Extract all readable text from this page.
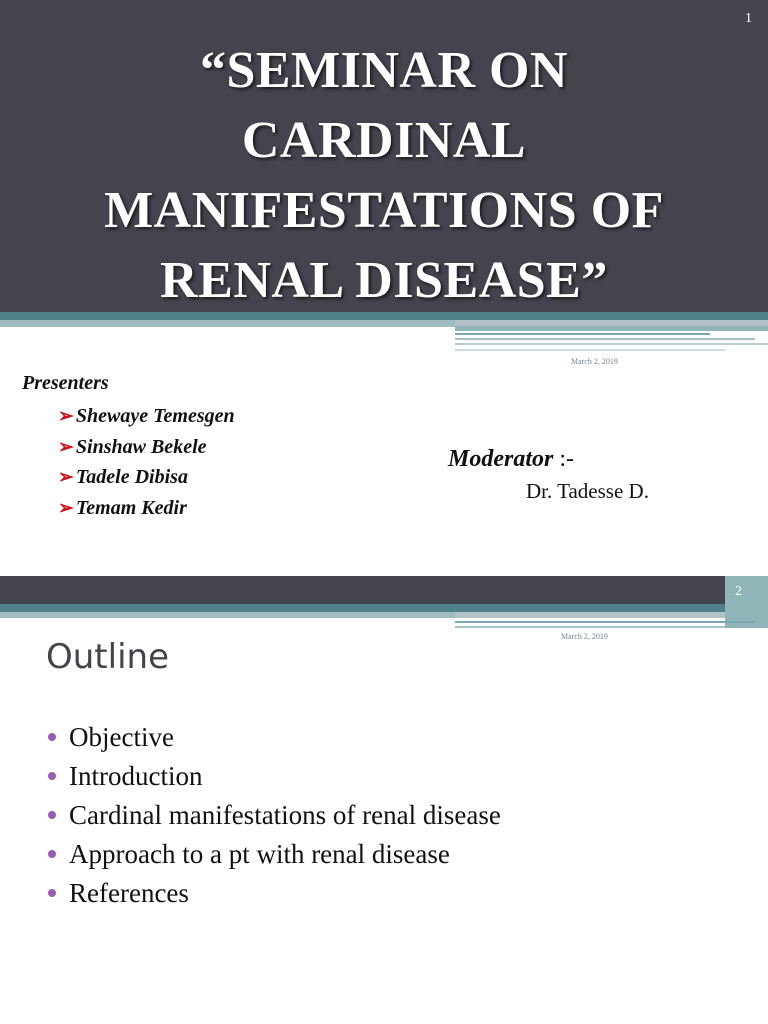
1
“SEMINAR ON
CARDINAL
MANIFESTATIONS OF
RENAL DISEASE”
March 2, 2019
Presenters
➢ Shewaye Temesgen
➢ Sinshaw Bekele
➢ Tadele Dibisa
➢ Temam Kedir
Moderator :-
Dr. Tadesse D.
2
March 2, 2019
Outline
Objective
Introduction
Cardinal manifestations of renal disease
Approach to a pt with renal disease
References
